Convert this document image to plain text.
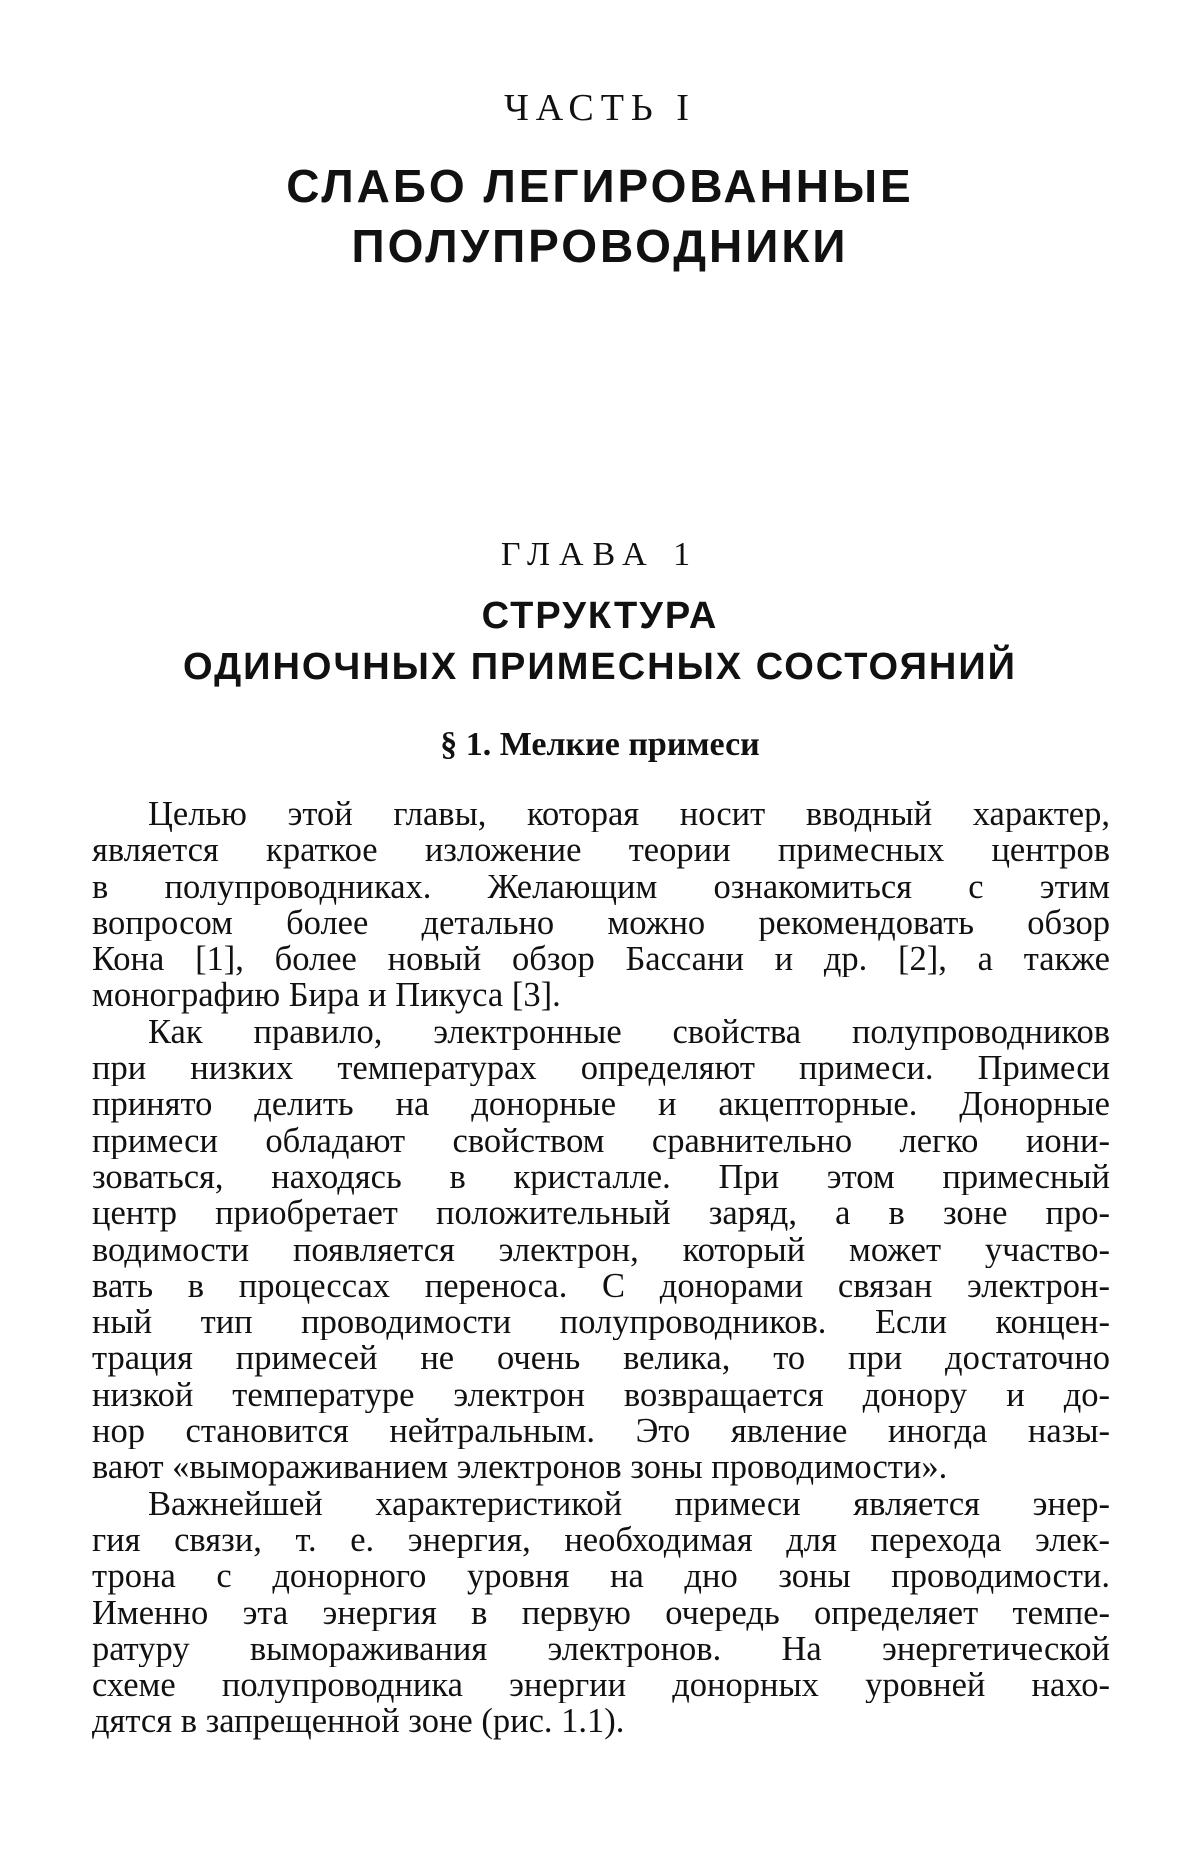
ЧАСТЬ I
СЛАБО ЛЕГИРОВАННЫЕ
ПОЛУПРОВОДНИКИ
ГЛАВА 1
СТРУКТУРА
ОДИНОЧНЫХ ПРИМЕСНЫХ СОСТОЯНИЙ
§ 1. Мелкие примеси
Целью этой главы, которая носит вводный характер,
является краткое изложение теории примесных центров
в полупроводниках. Желающим ознакомиться с этим
вопросом более детально можно рекомендовать обзор
Кона [1], более новый обзор Бассани и др. [2], а также
монографию Бира и Пикуса [3].
Как правило, электронные свойства полупроводников
при низких температурах определяют примеси. Примеси
принято делить на донорные и акцепторные. Донорные
примеси обладают свойством сравнительно легко иони-
зоваться, находясь в кристалле. При этом примесный
центр приобретает положительный заряд, а в зоне про-
водимости появляется электрон, который может участво-
вать в процессах переноса. С донорами связан электрон-
ный тип проводимости полупроводников. Если концен-
трация примесей не очень велика, то при достаточно
низкой температуре электрон возвращается донору и до-
нор становится нейтральным. Это явление иногда назы-
вают «вымораживанием электронов зоны проводимости».
Важнейшей характеристикой примеси является энер-
гия связи, т. е. энергия, необходимая для перехода элек-
трона с донорного уровня на дно зоны проводимости.
Именно эта энергия в первую очередь определяет темпе-
ратуру вымораживания электронов. На энергетической
схеме полупроводника энергии донорных уровней нахо-
дятся в запрещенной зоне (рис. 1.1).
